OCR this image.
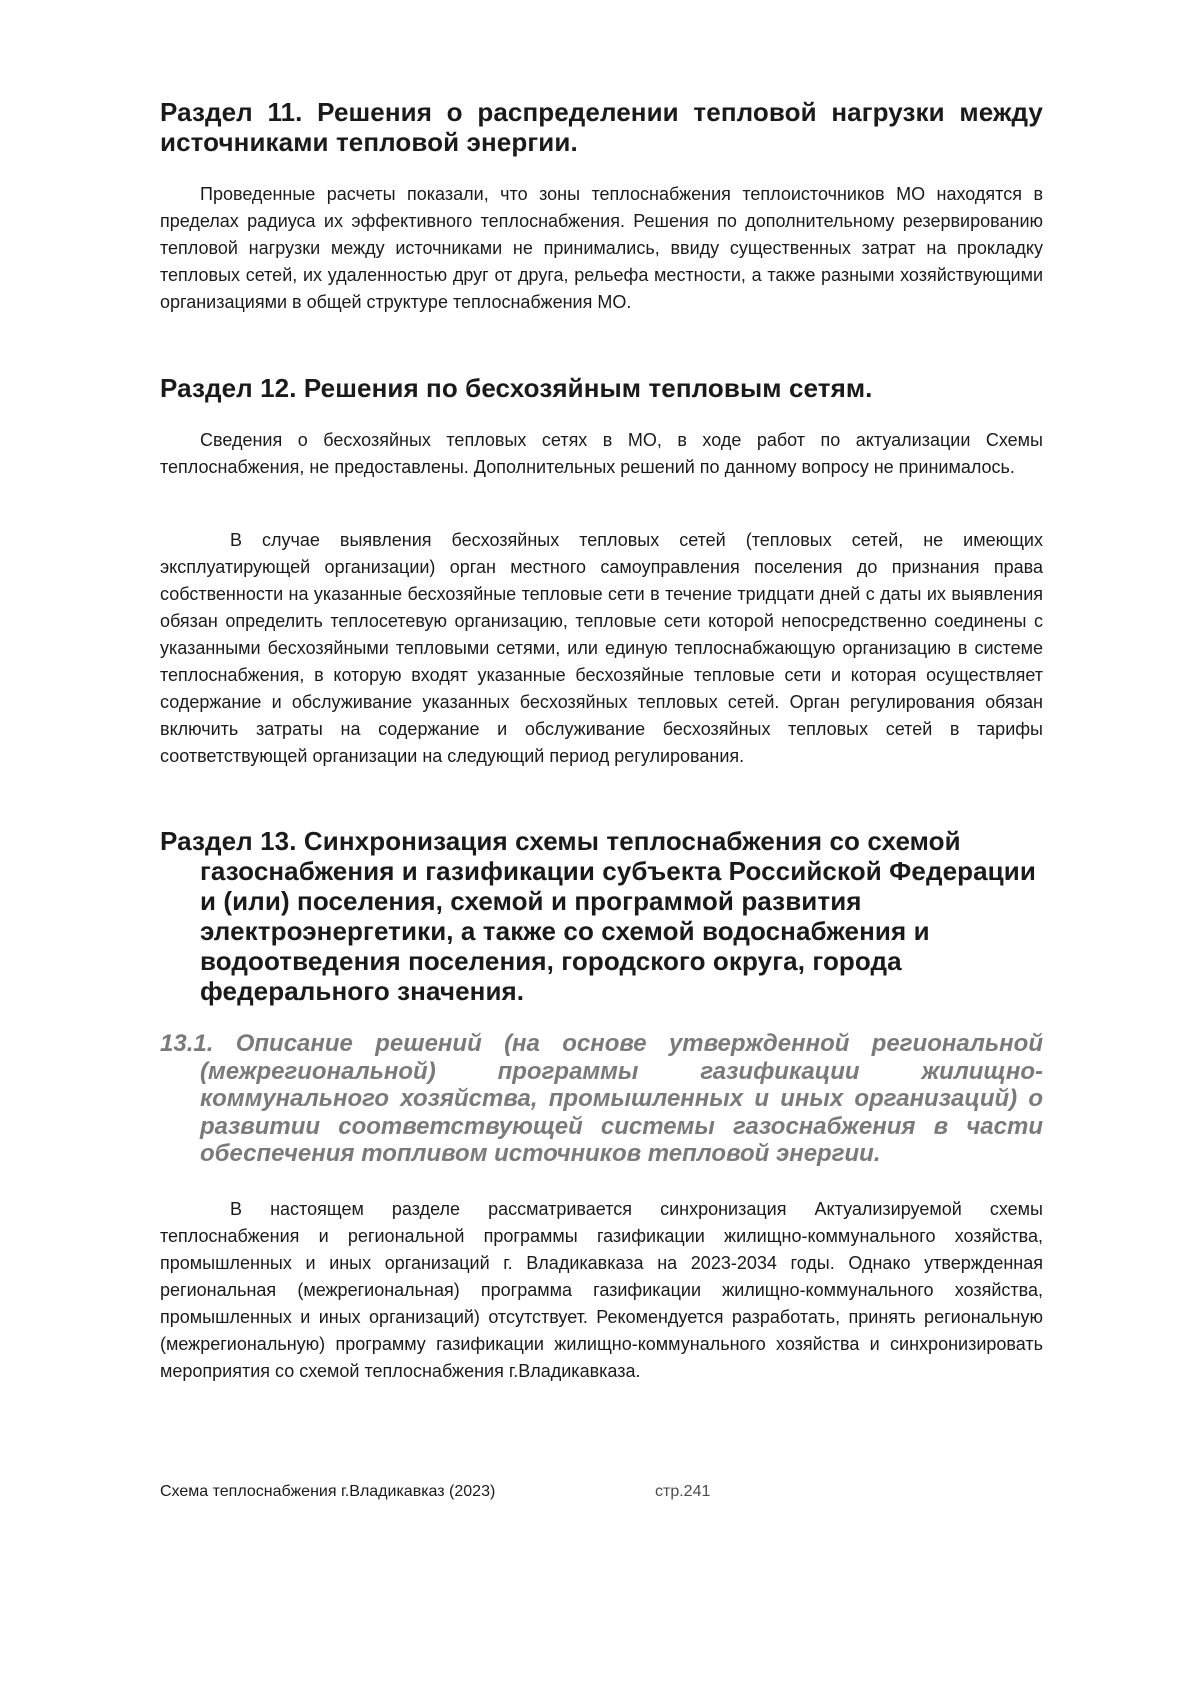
Раздел 11. Решения о распределении тепловой нагрузки между источниками тепловой энергии.

Проведенные расчеты показали, что зоны теплоснабжения теплоисточников МО находятся в пределах радиуса их эффективного теплоснабжения. Решения по дополнительному резервированию тепловой нагрузки между источниками не принимались, ввиду существенных затрат на прокладку тепловых сетей, их удаленностью друг от друга, рельефа местности, а также разными хозяйствующими организациями в общей структуре теплоснабжения МО.

Раздел 12. Решения по бесхозяйным тепловым сетям.

Сведения о бесхозяйных тепловых сетях в МО, в ходе работ по актуализации Схемы теплоснабжения, не предоставлены. Дополнительных решений по данному вопросу не принималось.

В случае выявления бесхозяйных тепловых сетей (тепловых сетей, не имеющих эксплуатирующей организации) орган местного самоуправления поселения до признания права собственности на указанные бесхозяйные тепловые сети в течение тридцати дней с даты их выявления обязан определить теплосетевую организацию, тепловые сети которой непосредственно соединены с указанными бесхозяйными тепловыми сетями, или единую теплоснабжающую организацию в системе теплоснабжения, в которую входят указанные бесхозяйные тепловые сети и которая осуществляет содержание и обслуживание указанных бесхозяйных тепловых сетей. Орган регулирования обязан включить затраты на содержание и обслуживание бесхозяйных тепловых сетей в тарифы соответствующей организации на следующий период регулирования.

Раздел 13. Синхронизация схемы теплоснабжения со схемой газоснабжения и газификации субъекта Российской Федерации и (или) поселения, схемой и программой развития электроэнергетики, а также со схемой водоснабжения и водоотведения поселения, городского округа, города федерального значения.
13.1. Описание решений (на основе утвержденной региональной (межрегиональной) программы газификации жилищно-коммунального хозяйства, промышленных и иных организаций) о развитии соответствующей системы газоснабжения в части обеспечения топливом источников тепловой энергии.

В настоящем разделе рассматривается синхронизация Актуализируемой схемы теплоснабжения и региональной программы газификации жилищно-коммунального хозяйства, промышленных и иных организаций г. Владикавказа на 2023-2034 годы. Однако утвержденная региональная (межрегиональная) программа газификации жилищно-коммунального хозяйства, промышленных и иных организаций) отсутствует. Рекомендуется разработать, принять региональную (межрегиональную) программу газификации жилищно-коммунального хозяйства и синхронизировать мероприятия со схемой теплоснабжения г.Владикавказа.

Схема теплоснабжения г.Владикавказ (2023)	стр.241
